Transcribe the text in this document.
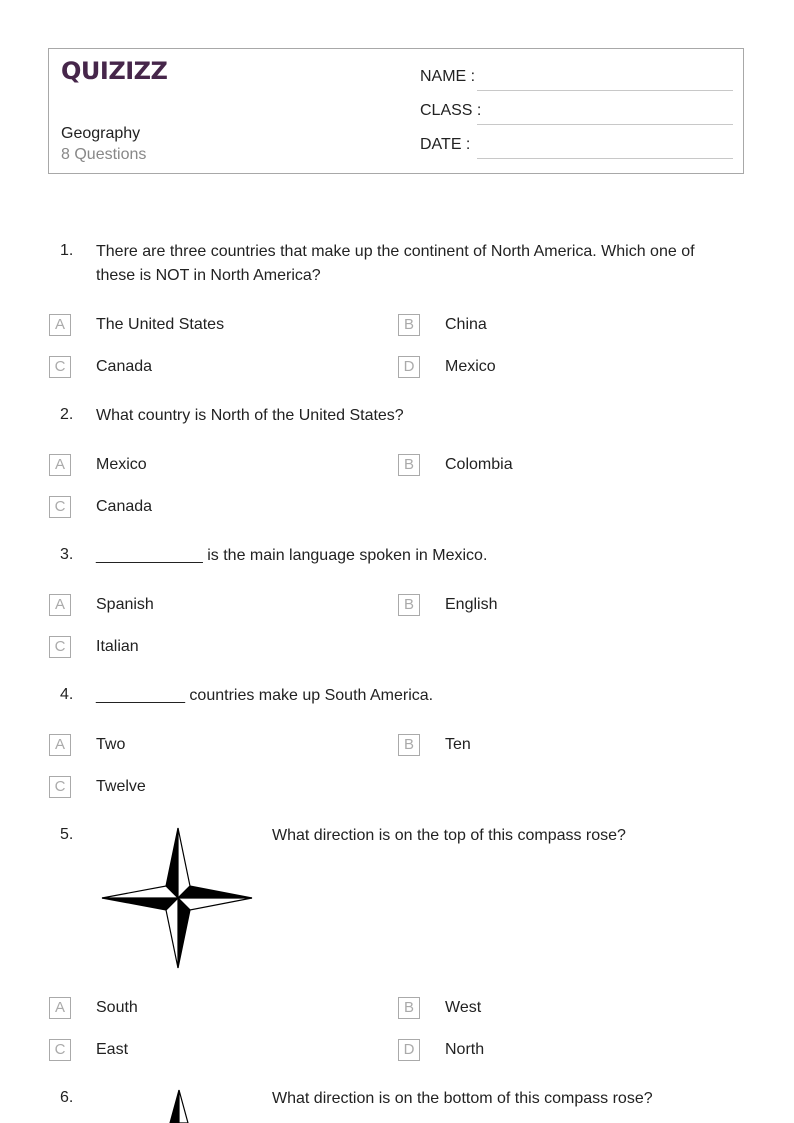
QUIZIZZ
Geography
8 Questions
NAME :
CLASS :
DATE :
1. There are three countries that make up the continent of North America. Which one of these is NOT in North America?
A	The United States	B	China
C	Canada	D	Mexico
2. What country is North of the United States?
A	Mexico	B	Colombia
C	Canada
3. ____________ is the main language spoken in Mexico.
A	Spanish	B	English
C	Italian
4. __________ countries make up South America.
A	Two	B	Ten
C	Twelve
5.	What direction is on the top of this compass rose?
A	South	B	West
C	East	D	North
6.	What direction is on the bottom of this compass rose?
